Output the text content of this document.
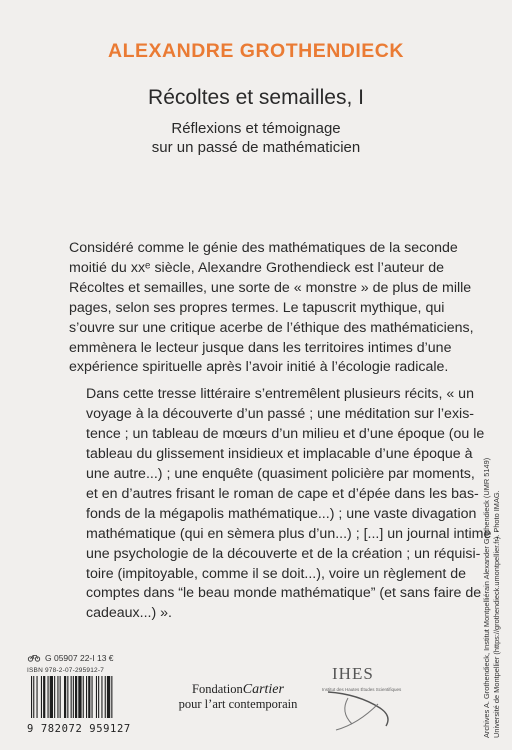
ALEXANDRE GROTHENDIECK
Récoltes et semailles, I
Réflexions et témoignage
sur un passé de mathématicien

Considéré comme le génie des mathématiques de la seconde
moitié du xxᵉ siècle, Alexandre Grothendieck est l’auteur de
Récoltes et semailles, une sorte de « monstre » de plus de mille
pages, selon ses propres termes. Le tapuscrit mythique, qui
s’ouvre sur une critique acerbe de l’éthique des mathématiciens,
emmènera le lecteur jusque dans les territoires intimes d’une
expérience spirituelle après l’avoir initié à l’écologie radicale.

Dans cette tresse littéraire s’entremêlent plusieurs récits, « un
voyage à la découverte d’un passé ; une méditation sur l’exis-
tence ; un tableau de mœurs d’un milieu et d’une époque (ou le
tableau du glissement insidieux et implacable d’une époque à
une autre...) ; une enquête (quasiment policière par moments,
et en d’autres frisant le roman de cape et d’épée dans les bas-
fonds de la mégapolis mathématique...) ; une vaste divagation
mathématique (qui en sèmera plus d’un...) ; [...] un journal intime ;
une psychologie de la découverte et de la création ; un réquisi-
toire (impitoyable, comme il se doit...), voire un règlement de
comptes dans “le beau monde mathématique” (et sans faire de
cadeaux...) ».	Archives A. Grothendieck, Institut Montpelliérain Alexander Grothendieck (UMR 5149) Université de Montpellier (https://grothendieck.umontpellier.fr). Photo IMAG.
G 05907 22-I 13 €
ISBN 978-2-07-295912-7
9 782072 959127
FondationCartier
pour l’art contemporain
IHES
Institut des Hautes Études Scientifiques
